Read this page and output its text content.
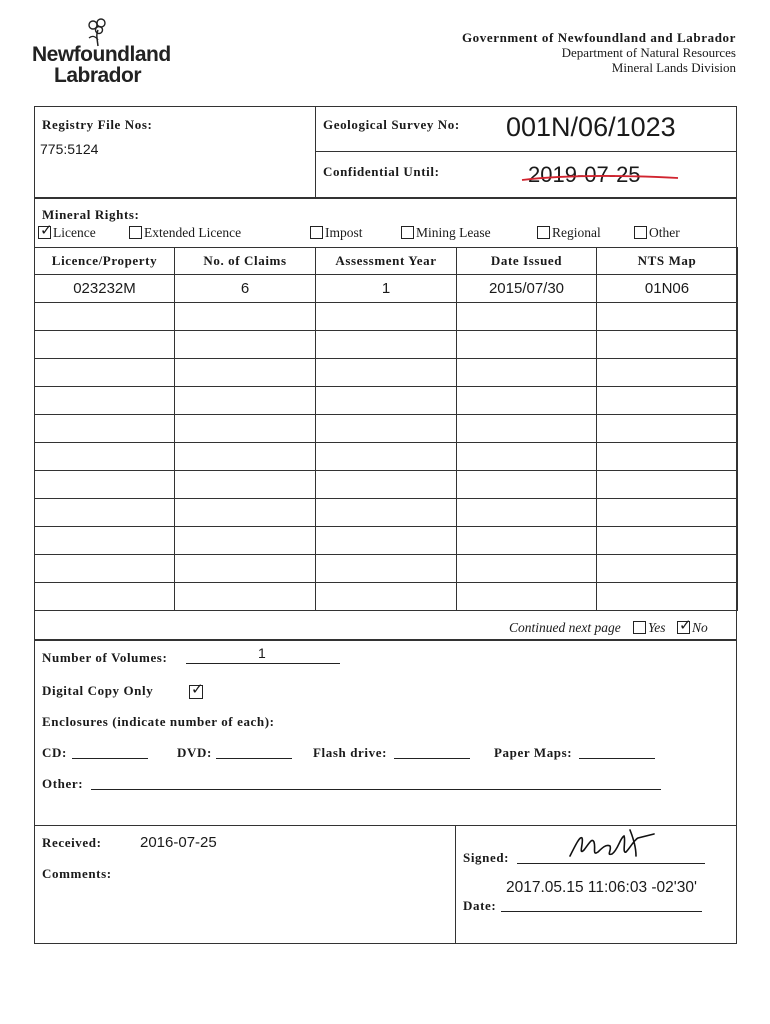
Newfoundland
Labrador
Government of Newfoundland and Labrador
Department of Natural Resources
Mineral Lands Division
Registry File Nos:
775:5124
Geological Survey No: 001N/06/1023
Confidential Until:	2019-07-25
Mineral Rights:
✓ Licence	Extended Licence	Impost	Mining Lease	Regional	Other
Licence/Property	No. of Claims	Assessment Year	Date Issued	NTS Map
023232M	6	1	2015/07/30	01N06

Continued next page	Yes ✓ No
Number of Volumes:	1
Digital Copy Only	✓
Enclosures (indicate number of each):
CD:	DVD:	Flash drive:	Paper Maps:
Other:
Received:	2016-07-25
Comments:
Signed:
2017.05.15 11:06:03 -02'30'
Date:
